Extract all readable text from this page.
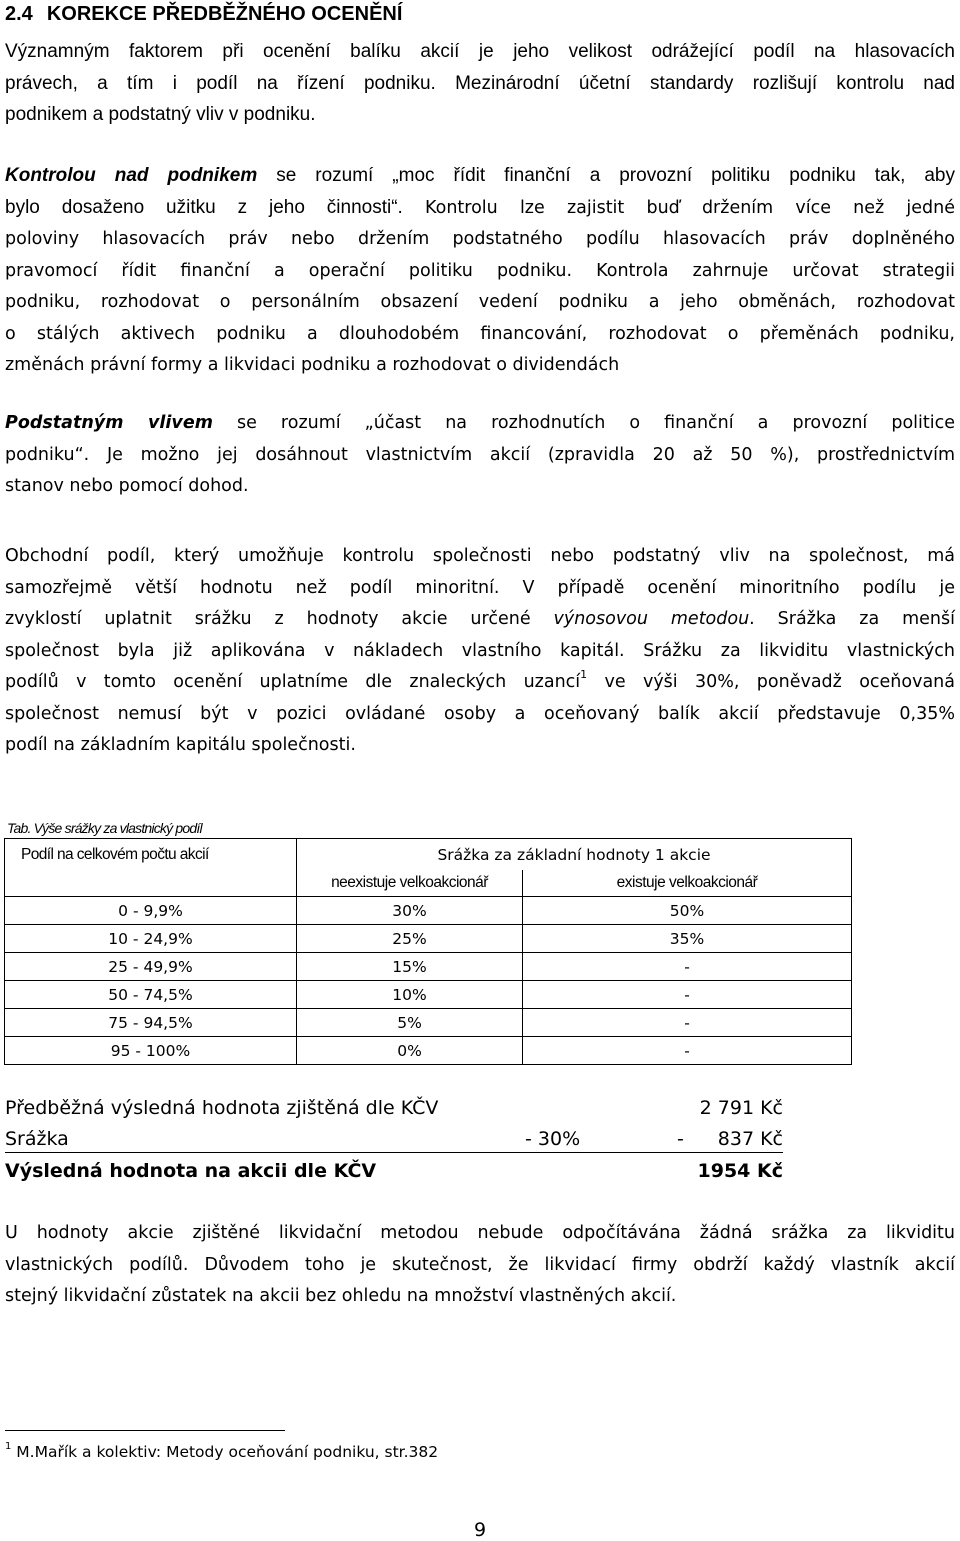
2.4 KOREKCE PŘEDBĚŽNÉHO OCENĚNÍ
Významným faktorem při ocenění balíku akcií je jeho velikost odrážející podíl na hlasovacích
právech, a tím i podíl na řízení podniku. Mezinárodní účetní standardy rozlišují kontrolu nad
podnikem a podstatný vliv v podniku.
Kontrolou nad podnikem se rozumí „moc řídit finanční a provozní politiku podniku tak, aby
bylo dosaženo užitku z jeho činnosti“. Kontrolu lze zajistit buď držením více než jedné
poloviny hlasovacích práv nebo držením podstatného podílu hlasovacích práv doplněného
pravomocí řídit finanční a operační politiku podniku. Kontrola zahrnuje určovat strategii
podniku, rozhodovat o personálním obsazení vedení podniku a jeho obměnách, rozhodovat
o stálých aktivech podniku a dlouhodobém financování, rozhodovat o přeměnách podniku,
změnách právní formy a likvidaci podniku a rozhodovat o dividendách
Podstatným vlivem se rozumí „účast na rozhodnutích o finanční a provozní politice
podniku“. Je možno jej dosáhnout vlastnictvím akcií (zpravidla 20 až 50 %), prostřednictvím
stanov nebo pomocí dohod.
Obchodní podíl, který umožňuje kontrolu společnosti nebo podstatný vliv na společnost, má
samozřejmě větší hodnotu než podíl minoritní. V případě ocenění minoritního podílu je
zvyklostí uplatnit srážku z hodnoty akcie určené výnosovou metodou. Srážka za menší
společnost byla již aplikována v nákladech vlastního kapitál. Srážku za likviditu vlastnických
podílů v tomto ocenění uplatníme dle znaleckých uzancí$^1$ ve výši 30%, poněvadž oceňovaná
společnost nemusí být v pozici ovládané osoby a oceňovaný balík akcií představuje 0,35%
podíl na základním kapitálu společnosti.
Tab. Výše srážky za vlastnický podíl
Podíl na celkovém počtu akcií	Srážka za základní hodnoty 1 akcie	
	neexistuje velkoakcionář	existuje velkoakcionář
0 - 9,9%	30%	50%
10 - 24,9%	25%	35%
25 - 49,9%	15%	-
50 - 74,5%	10%	-
75 - 94,5%	5%	-
95 - 100%	0%	-
Předběžná výsledná hodnota zjištěná dle KČV	2 791 Kč
Srážka	- 30%	- 837 Kč
Výsledná hodnota na akcii dle KČV	1954 Kč
U hodnoty akcie zjištěné likvidační metodou nebude odpočítávána žádná srážka za likviditu
vlastnických podílů. Důvodem toho je skutečnost, že likvidací firmy obdrží každý vlastník akcií
stejný likvidační zůstatek na akcii bez ohledu na množství vlastněných akcií.
$^1$ M.Mařík a kolektiv: Metody oceňování podniku, str.382
9
